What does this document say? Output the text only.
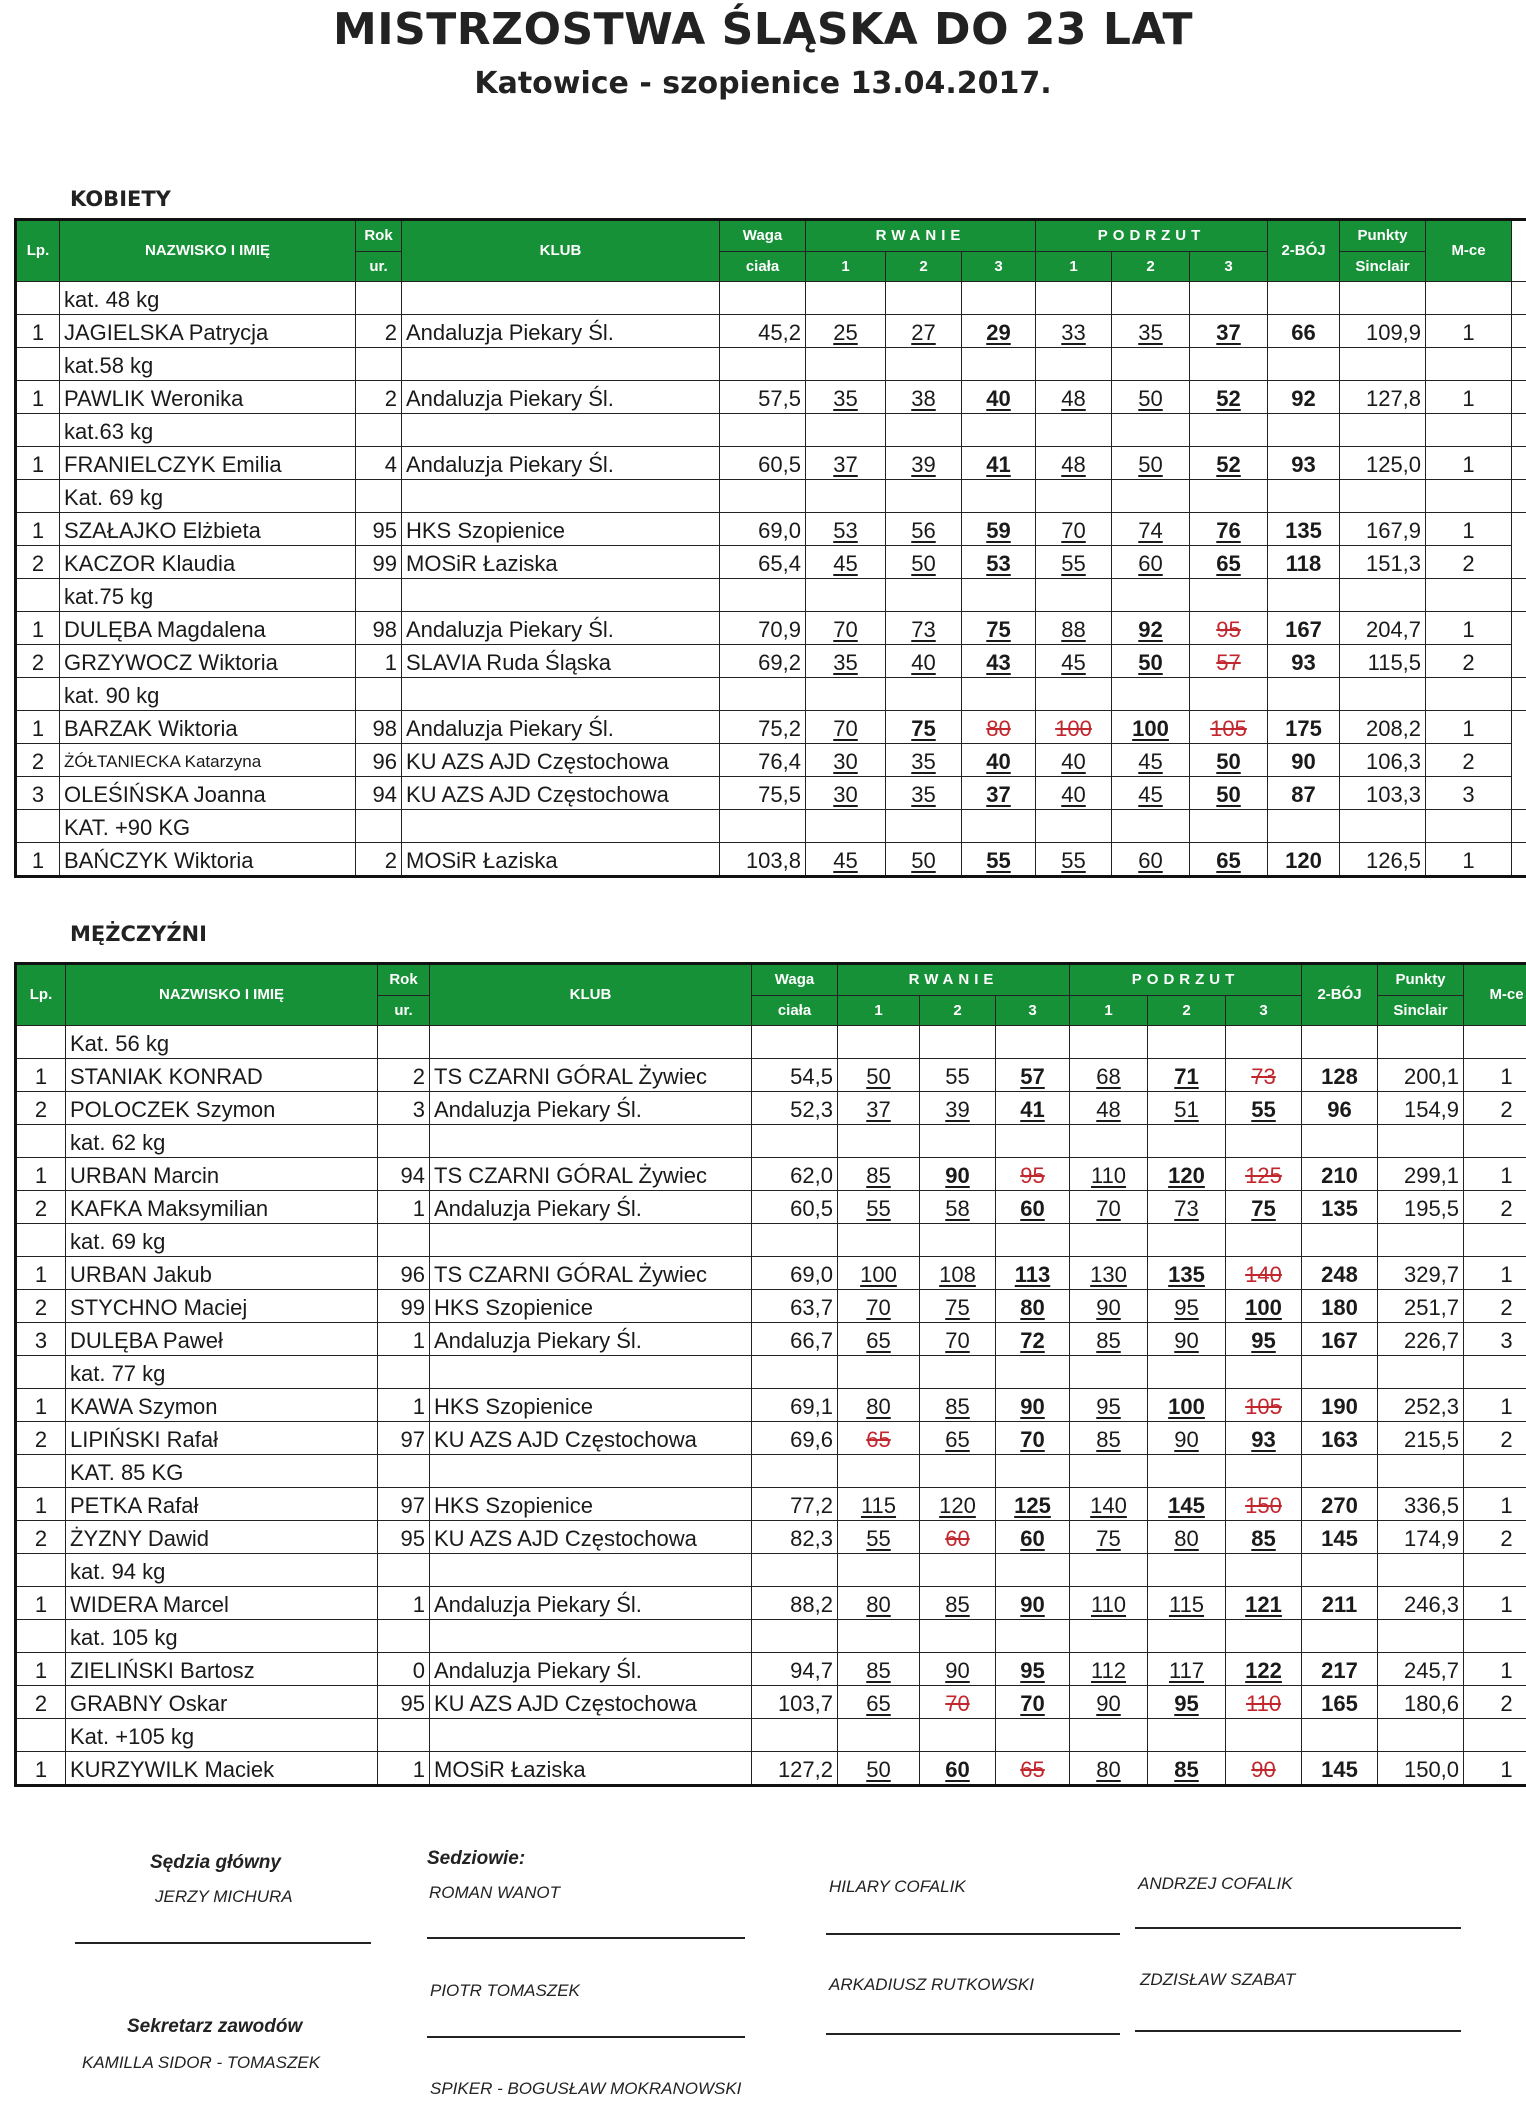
MISTRZOSTWA ŚLĄSKA DO 23 LAT
Katowice - szopienice 13.04.2017.
KOBIETY
Lp.	NAZWISKO I IMIĘ	Rok	KLUB	Waga	RWANIE			PODRZUT			2-BÓJ	Punkty	M-ce	
		ur.		ciała	1	2	3	1	2	3		Sinclair		
	kat. 48 kg													
1	JAGIELSKA Patrycja	2	Andaluzja Piekary Śl.	45,2	25	27	29	33	35	37	66	109,9	1	
	kat.58 kg													
1	PAWLIK Weronika	2	Andaluzja Piekary Śl.	57,5	35	38	40	48	50	52	92	127,8	1	
	kat.63 kg													
1	FRANIELCZYK Emilia	4	Andaluzja Piekary Śl.	60,5	37	39	41	48	50	52	93	125,0	1	
	Kat. 69 kg													
1	SZAŁAJKO Elżbieta	95	HKS Szopienice	69,0	53	56	59	70	74	76	135	167,9	1	
2	KACZOR Klaudia	99	MOSiR Łaziska	65,4	45	50	53	55	60	65	118	151,3	2	
	kat.75 kg													
1	DULĘBA Magdalena	98	Andaluzja Piekary Śl.	70,9	70	73	75	88	92	95	167	204,7	1	
2	GRZYWOCZ Wiktoria	1	SLAVIA Ruda Śląska	69,2	35	40	43	45	50	57	93	115,5	2	
	kat. 90 kg													
1	BARZAK Wiktoria	98	Andaluzja Piekary Śl.	75,2	70	75	80	100	100	105	175	208,2	1	
2	ŻÓŁTANIECKA Katarzyna	96	KU AZS AJD Częstochowa	76,4	30	35	40	40	45	50	90	106,3	2	
3	OLEŚIŃSKA Joanna	94	KU AZS AJD Częstochowa	75,5	30	35	37	40	45	50	87	103,3	3	
	KAT. +90 KG													
1	BAŃCZYK Wiktoria	2	MOSiR Łaziska	103,8	45	50	55	55	60	65	120	126,5	1	
MĘŻCZYŹNI
Lp.	NAZWISKO I IMIĘ	Rok	KLUB	Waga	RWANIE			PODRZUT			2-BÓJ	Punkty	M-ce	
		ur.		ciała	1	2	3	1	2	3		Sinclair		
	Kat. 56 kg													
1	STANIAK KONRAD	2	TS CZARNI GÓRAL Żywiec	54,5	50	55	57	68	71	73	128	200,1	1	
2	POLOCZEK Szymon	3	Andaluzja Piekary Śl.	52,3	37	39	41	48	51	55	96	154,9	2	
	kat. 62 kg													
1	URBAN Marcin	94	TS CZARNI GÓRAL Żywiec	62,0	85	90	95	110	120	125	210	299,1	1	
2	KAFKA Maksymilian	1	Andaluzja Piekary Śl.	60,5	55	58	60	70	73	75	135	195,5	2	
	kat. 69 kg													
1	URBAN Jakub	96	TS CZARNI GÓRAL Żywiec	69,0	100	108	113	130	135	140	248	329,7	1	
2	STYCHNO Maciej	99	HKS Szopienice	63,7	70	75	80	90	95	100	180	251,7	2	
3	DULĘBA Paweł	1	Andaluzja Piekary Śl.	66,7	65	70	72	85	90	95	167	226,7	3	
	kat. 77 kg													
1	KAWA Szymon	1	HKS Szopienice	69,1	80	85	90	95	100	105	190	252,3	1	
2	LIPIŃSKI Rafał	97	KU AZS AJD Częstochowa	69,6	65	65	70	85	90	93	163	215,5	2	
	KAT. 85 KG													
1	PETKA Rafał	97	HKS Szopienice	77,2	115	120	125	140	145	150	270	336,5	1	
2	ŻYZNY Dawid	95	KU AZS AJD Częstochowa	82,3	55	60	60	75	80	85	145	174,9	2	
	kat. 94 kg													
1	WIDERA Marcel	1	Andaluzja Piekary Śl.	88,2	80	85	90	110	115	121	211	246,3	1	
	kat. 105 kg													
1	ZIELIŃSKI Bartosz	0	Andaluzja Piekary Śl.	94,7	85	90	95	112	117	122	217	245,7	1	
2	GRABNY Oskar	95	KU AZS AJD Częstochowa	103,7	65	70	70	90	95	110	165	180,6	2	
	Kat. +105 kg													
1	KURZYWILK Maciek	1	MOSiR Łaziska	127,2	50	60	65	80	85	90	145	150,0	1	
Sędzia główny
JERZY MICHURA
Sedziowie:
ROMAN WANOT	HILARY COFALIK	ANDRZEJ COFALIK
PIOTR TOMASZEK	ARKADIUSZ RUTKOWSKI	ZDZISŁAW SZABAT
Sekretarz zawodów
KAMILLA SIDOR - TOMASZEK
SPIKER - BOGUSŁAW MOKRANOWSKI
